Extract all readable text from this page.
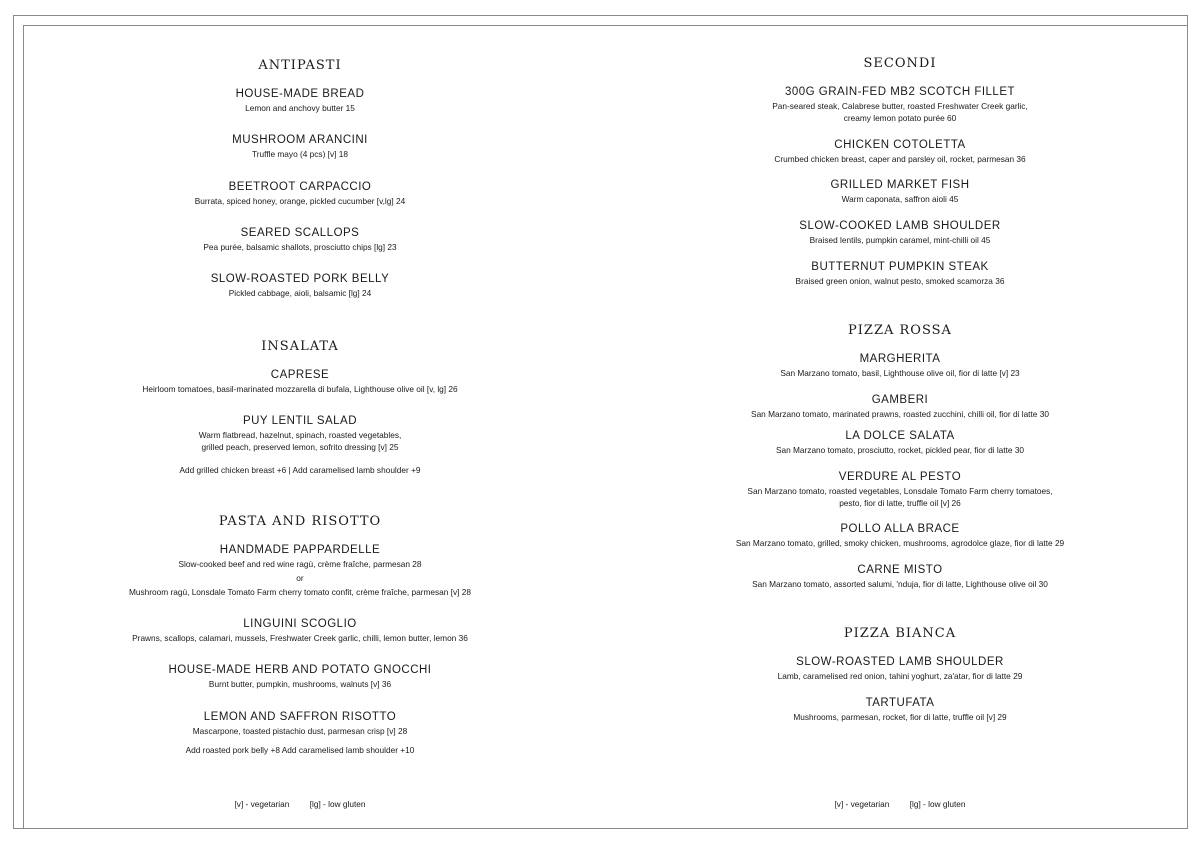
ANTIPASTI
HOUSE-MADE BREAD
Lemon and anchovy butter 15
MUSHROOM ARANCINI
Truffle mayo (4 pcs) [v] 18
BEETROOT CARPACCIO
Burrata, spiced honey, orange, pickled cucumber [v,lg] 24
SEARED SCALLOPS
Pea purée, balsamic shallots, prosciutto chips [lg] 23
SLOW-ROASTED PORK BELLY
Pickled cabbage, aioli, balsamic [lg] 24
INSALATA
CAPRESE
Heirloom tomatoes, basil-marinated mozzarella di bufala, Lighthouse olive oil [v, lg] 26
PUY LENTIL SALAD
Warm flatbread, hazelnut, spinach, roasted vegetables,
grilled peach, preserved lemon, sofrito dressing [v] 25
Add grilled chicken breast +6 | Add caramelised lamb shoulder +9
PASTA AND RISOTTO
HANDMADE PAPPARDELLE
Slow-cooked beef and red wine ragù, crème fraîche, parmesan 28
or
Mushroom ragù, Lonsdale Tomato Farm cherry tomato confit, crème fraîche, parmesan [v] 28
LINGUINI SCOGLIO
Prawns, scallops, calamari, mussels, Freshwater Creek garlic, chilli, lemon butter, lemon 36
HOUSE-MADE HERB AND POTATO GNOCCHI
Burnt butter, pumpkin, mushrooms, walnuts [v] 36
LEMON AND SAFFRON RISOTTO
Mascarpone, toasted pistachio dust, parmesan crisp [v] 28
Add roasted pork belly +8 Add caramelised lamb shoulder +10
[v] - vegetarian [lg] - low gluten
SECONDI
300G GRAIN-FED MB2 SCOTCH FILLET
Pan-seared steak, Calabrese butter, roasted Freshwater Creek garlic,
creamy lemon potato purée 60
CHICKEN COTOLETTA
Crumbed chicken breast, caper and parsley oil, rocket, parmesan 36
GRILLED MARKET FISH
Warm caponata, saffron aioli 45
SLOW-COOKED LAMB SHOULDER
Braised lentils, pumpkin caramel, mint-chilli oil 45
BUTTERNUT PUMPKIN STEAK
Braised green onion, walnut pesto, smoked scamorza 36
PIZZA ROSSA
MARGHERITA
San Marzano tomato, basil, Lighthouse olive oil, fior di latte [v] 23
GAMBERI
San Marzano tomato, marinated prawns, roasted zucchini, chilli oil, fior di latte 30
LA DOLCE SALATA
San Marzano tomato, prosciutto, rocket, pickled pear, fior di latte 30
VERDURE AL PESTO
San Marzano tomato, roasted vegetables, Lonsdale Tomato Farm cherry tomatoes,
pesto, fior di latte, truffle oil [v] 26
POLLO ALLA BRACE
San Marzano tomato, grilled, smoky chicken, mushrooms, agrodolce glaze, fior di latte 29
CARNE MISTO
San Marzano tomato, assorted salumi, 'nduja, fior di latte, Lighthouse olive oil 30
PIZZA BIANCA
SLOW-ROASTED LAMB SHOULDER
Lamb, caramelised red onion, tahini yoghurt, za'atar, fior di latte 29
TARTUFATA
Mushrooms, parmesan, rocket, fior di latte, truffle oil [v] 29
[v] - vegetarian [lg] - low gluten
